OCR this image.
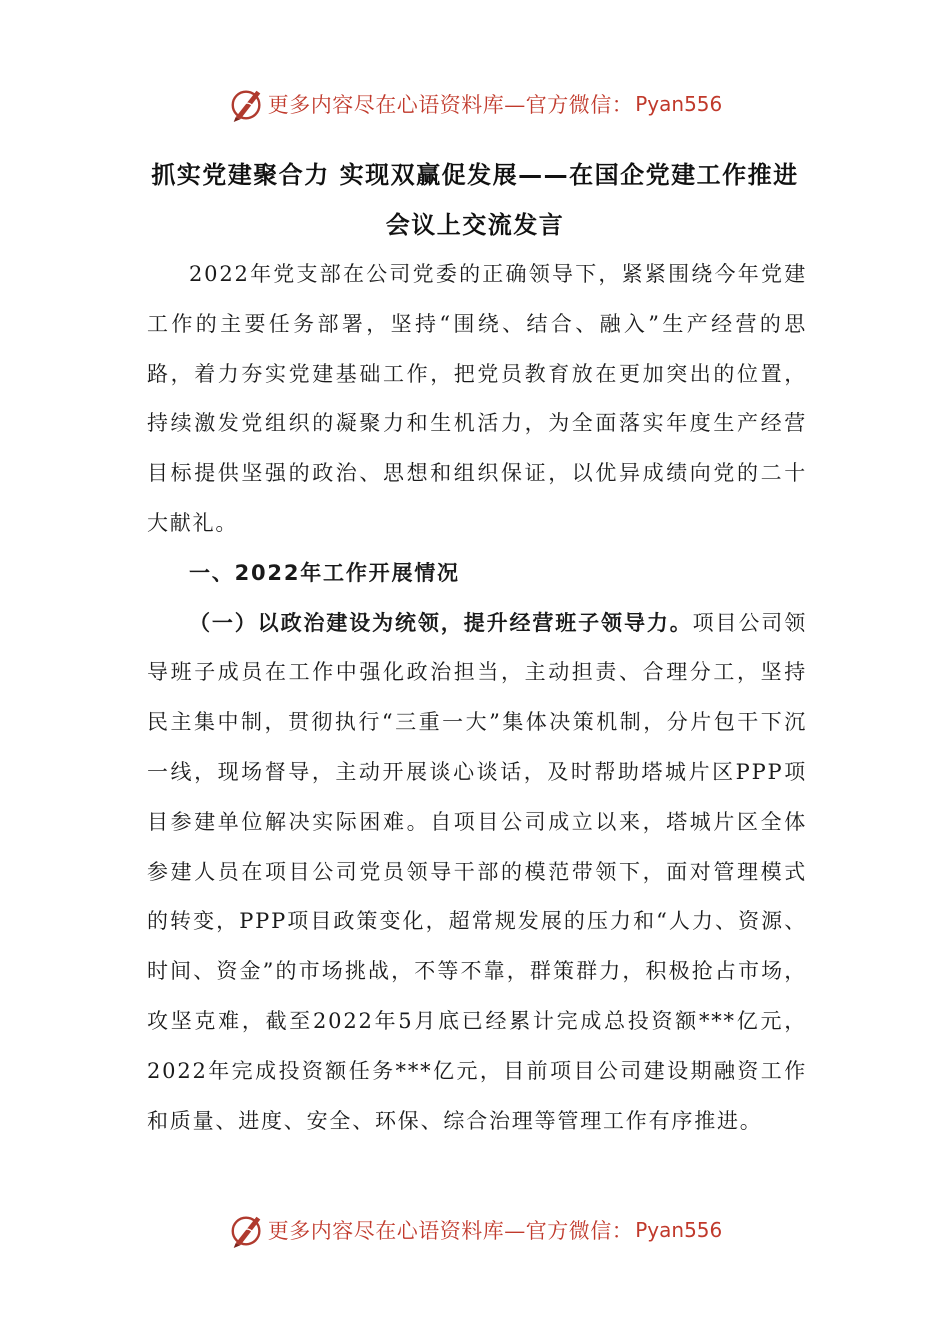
更多内容尽在心语资料库—官方微信： Pyan556
抓实党建聚合力 实现双赢促发展——在国企党建工作推进
会议上交流发言

2022年党支部在公司党委的正确领导下，紧紧围绕今年党建工作的主要任务部署，坚持“围绕、结合、融入”生产经营的思路，着力夯实党建基础工作，把党员教育放在更加突出的位置，持续激发党组织的凝聚力和生机活力，为全面落实年度生产经营目标提供坚强的政治、思想和组织保证，以优异成绩向党的二十大献礼。

一、2022年工作开展情况

（一）以政治建设为统领，提升经营班子领导力。项目公司领导班子成员在工作中强化政治担当，主动担责、合理分工，坚持民主集中制，贯彻执行“三重一大”集体决策机制，分片包干下沉一线，现场督导，主动开展谈心谈话，及时帮助塔城片区PPP项目参建单位解决实际困难。自项目公司成立以来，塔城片区全体参建人员在项目公司党员领导干部的模范带领下，面对管理模式的转变，PPP项目政策变化，超常规发展的压力和“人力、资源、时间、资金”的市场挑战，不等不靠，群策群力，积极抢占市场，攻坚克难，截至2022年5月底已经累计完成总投资额***亿元，2022年完成投资额任务***亿元，目前项目公司建设期融资工作和质量、进度、安全、环保、综合治理等管理工作有序推进。

更多内容尽在心语资料库—官方微信： Pyan556
